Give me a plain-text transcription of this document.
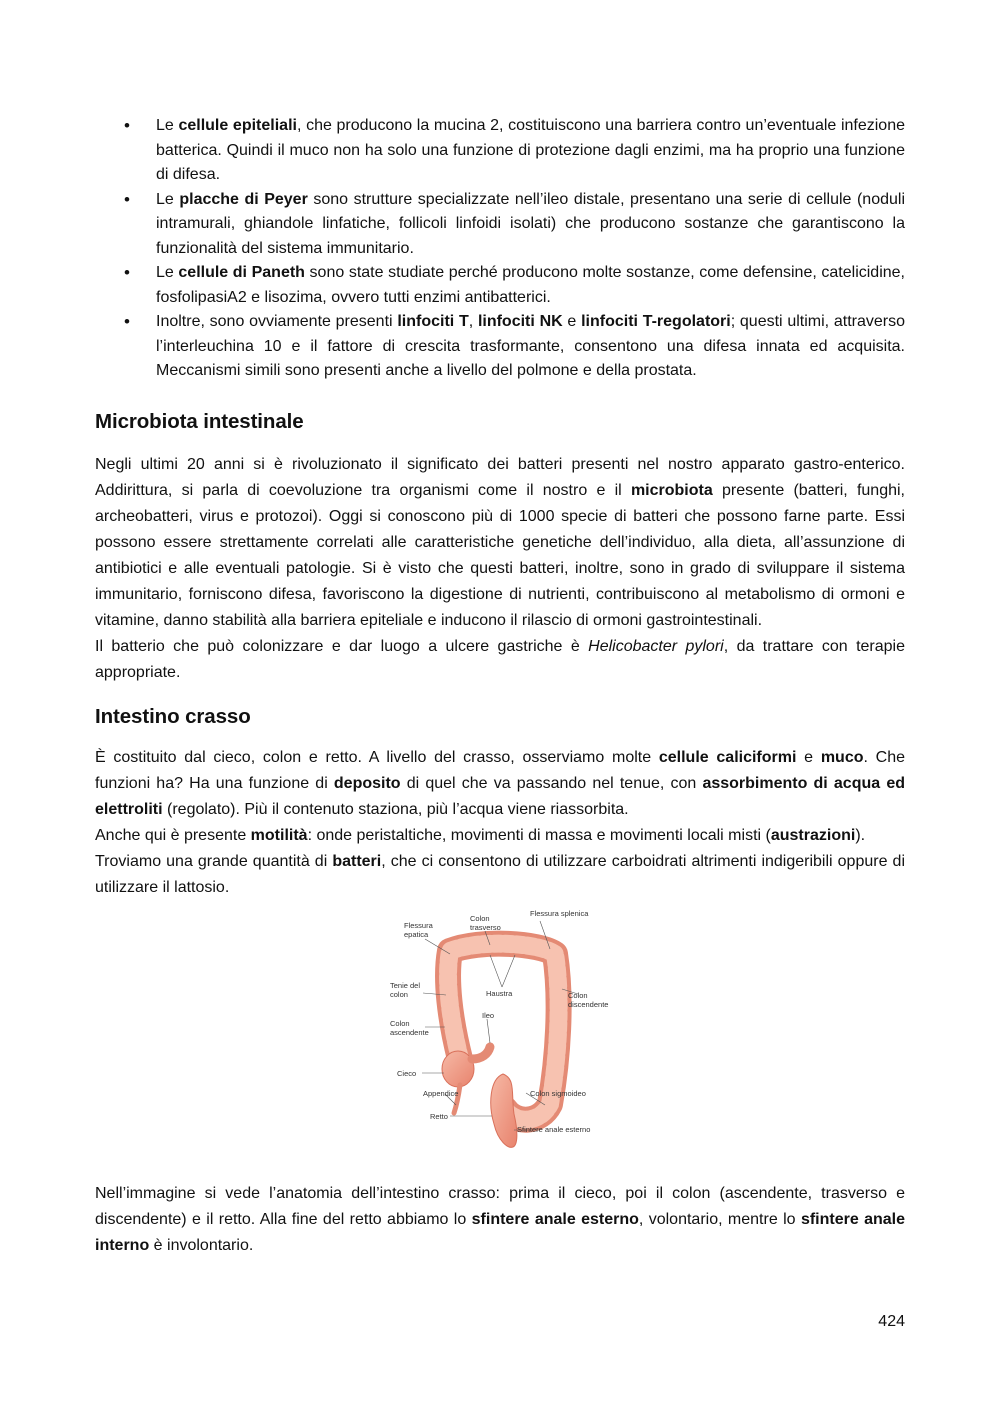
• Le cellule epiteliali, che producono la mucina 2, costituiscono una barriera contro un’eventuale infezione batterica. Quindi il muco non ha solo una funzione di protezione dagli enzimi, ma ha proprio una funzione di difesa.
• Le placche di Peyer sono strutture specializzate nell’ileo distale, presentano una serie di cellule (noduli intramurali, ghiandole linfatiche, follicoli linfoidi isolati) che producono sostanze che garantiscono la funzionalità del sistema immunitario.
• Le cellule di Paneth sono state studiate perché producono molte sostanze, come defensine, catelicidine, fosfolipasiA2 e lisozima, ovvero tutti enzimi antibatterici.
• Inoltre, sono ovviamente presenti linfociti T, linfociti NK e linfociti T-regolatori; questi ultimi, attraverso l’interleuchina 10 e il fattore di crescita trasformante, consentono una difesa innata ed acquisita. Meccanismi simili sono presenti anche a livello del polmone e della prostata.
Microbiota intestinale

Negli ultimi 20 anni si è rivoluzionato il significato dei batteri presenti nel nostro apparato gastro-enterico. Addirittura, si parla di coevoluzione tra organismi come il nostro e il microbiota presente (batteri, funghi, archeobatteri, virus e protozoi). Oggi si conoscono più di 1000 specie di batteri che possono farne parte. Essi possono essere strettamente correlati alle caratteristiche genetiche dell’individuo, alla dieta, all’assunzione di antibiotici e alle eventuali patologie. Si è visto che questi batteri, inoltre, sono in grado di sviluppare il sistema immunitario, forniscono difesa, favoriscono la digestione di nutrienti, contribuiscono al metabolismo di ormoni e vitamine, danno stabilità alla barriera epiteliale e inducono il rilascio di ormoni gastrointestinali.

Il batterio che può colonizzare e dar luogo a ulcere gastriche è Helicobacter pylori, da trattare con terapie appropriate.

Intestino crasso

È costituito dal cieco, colon e retto. A livello del crasso, osserviamo molte cellule caliciformi e muco. Che funzioni ha? Ha una funzione di deposito di quel che va passando nel tenue, con assorbimento di acqua ed elettroliti (regolato). Più il contenuto staziona, più l’acqua viene riassorbita.

Anche qui è presente motilità: onde peristaltiche, movimenti di massa e movimenti locali misti (austrazioni).

Troviamo una grande quantità di batteri, che ci consentono di utilizzare carboidrati altrimenti indigeribili oppure di utilizzare il lattosio.

Flessura
epatica
Colon
trasverso
Flessura splenica
Tenie del
colon	Haustra	Colon
discendente
Ileo
Colon
ascendente
Cieco
Appendice	Colon sigmoideo
Retto
Sfintere anale esterno

Nell’immagine si vede l’anatomia dell’intestino crasso: prima il cieco, poi il colon (ascendente, trasverso e discendente) e il retto. Alla fine del retto abbiamo lo sfintere anale esterno, volontario, mentre lo sfintere anale interno è involontario.

424
